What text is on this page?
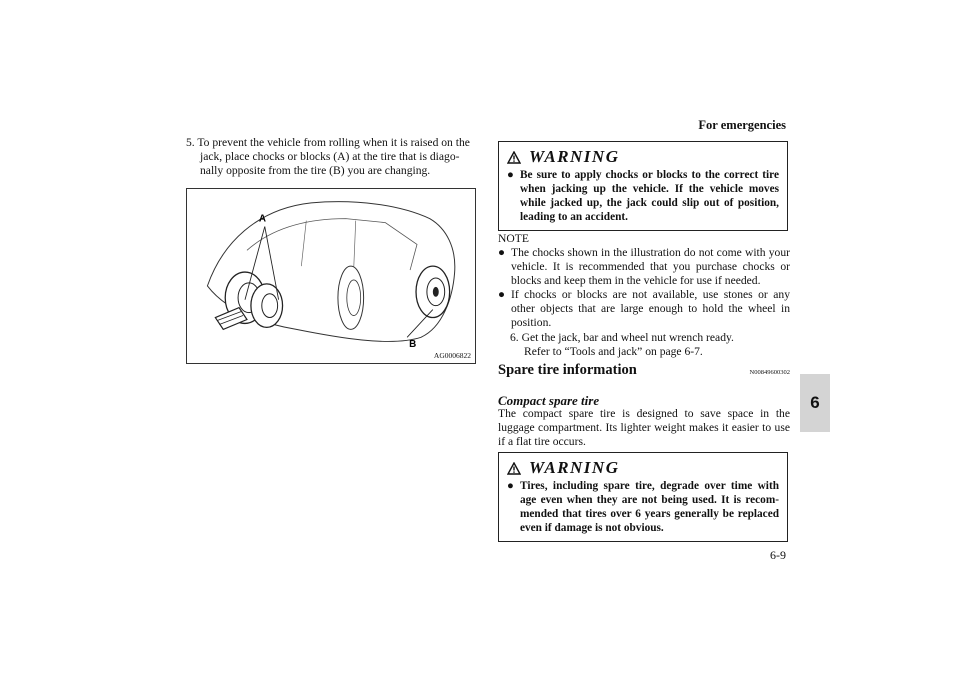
For emergencies
6
6-9
5. To prevent the vehicle from rolling when it is raised on the
jack, place chocks or blocks (A) at the tire that is diago-
nally opposite from the tire (B) you are changing.
A
B
AG0006822
WARNING
● Be sure to apply chocks or blocks to the correct tire when jacking up the vehicle. If the vehicle moves while jacked up, the jack could slip out of position, leading to an accident.
NOTE
● The chocks shown in the illustration do not come with your vehicle. It is recommended that you purchase chocks or blocks and keep them in the vehicle for use if needed.
● If chocks or blocks are not available, use stones or any other objects that are large enough to hold the wheel in position.
6. Get the jack, bar and wheel nut wrench ready.
Refer to “Tools and jack” on page 6-7.
Spare tire information	N00849600302
Compact spare tire
The compact spare tire is designed to save space in the luggage compartment. Its lighter weight makes it easier to use if a flat tire occurs.
WARNING
● Tires, including spare tire, degrade over time with age even when they are not being used. It is recom-mended that tires over 6 years generally be replaced even if damage is not obvious.
